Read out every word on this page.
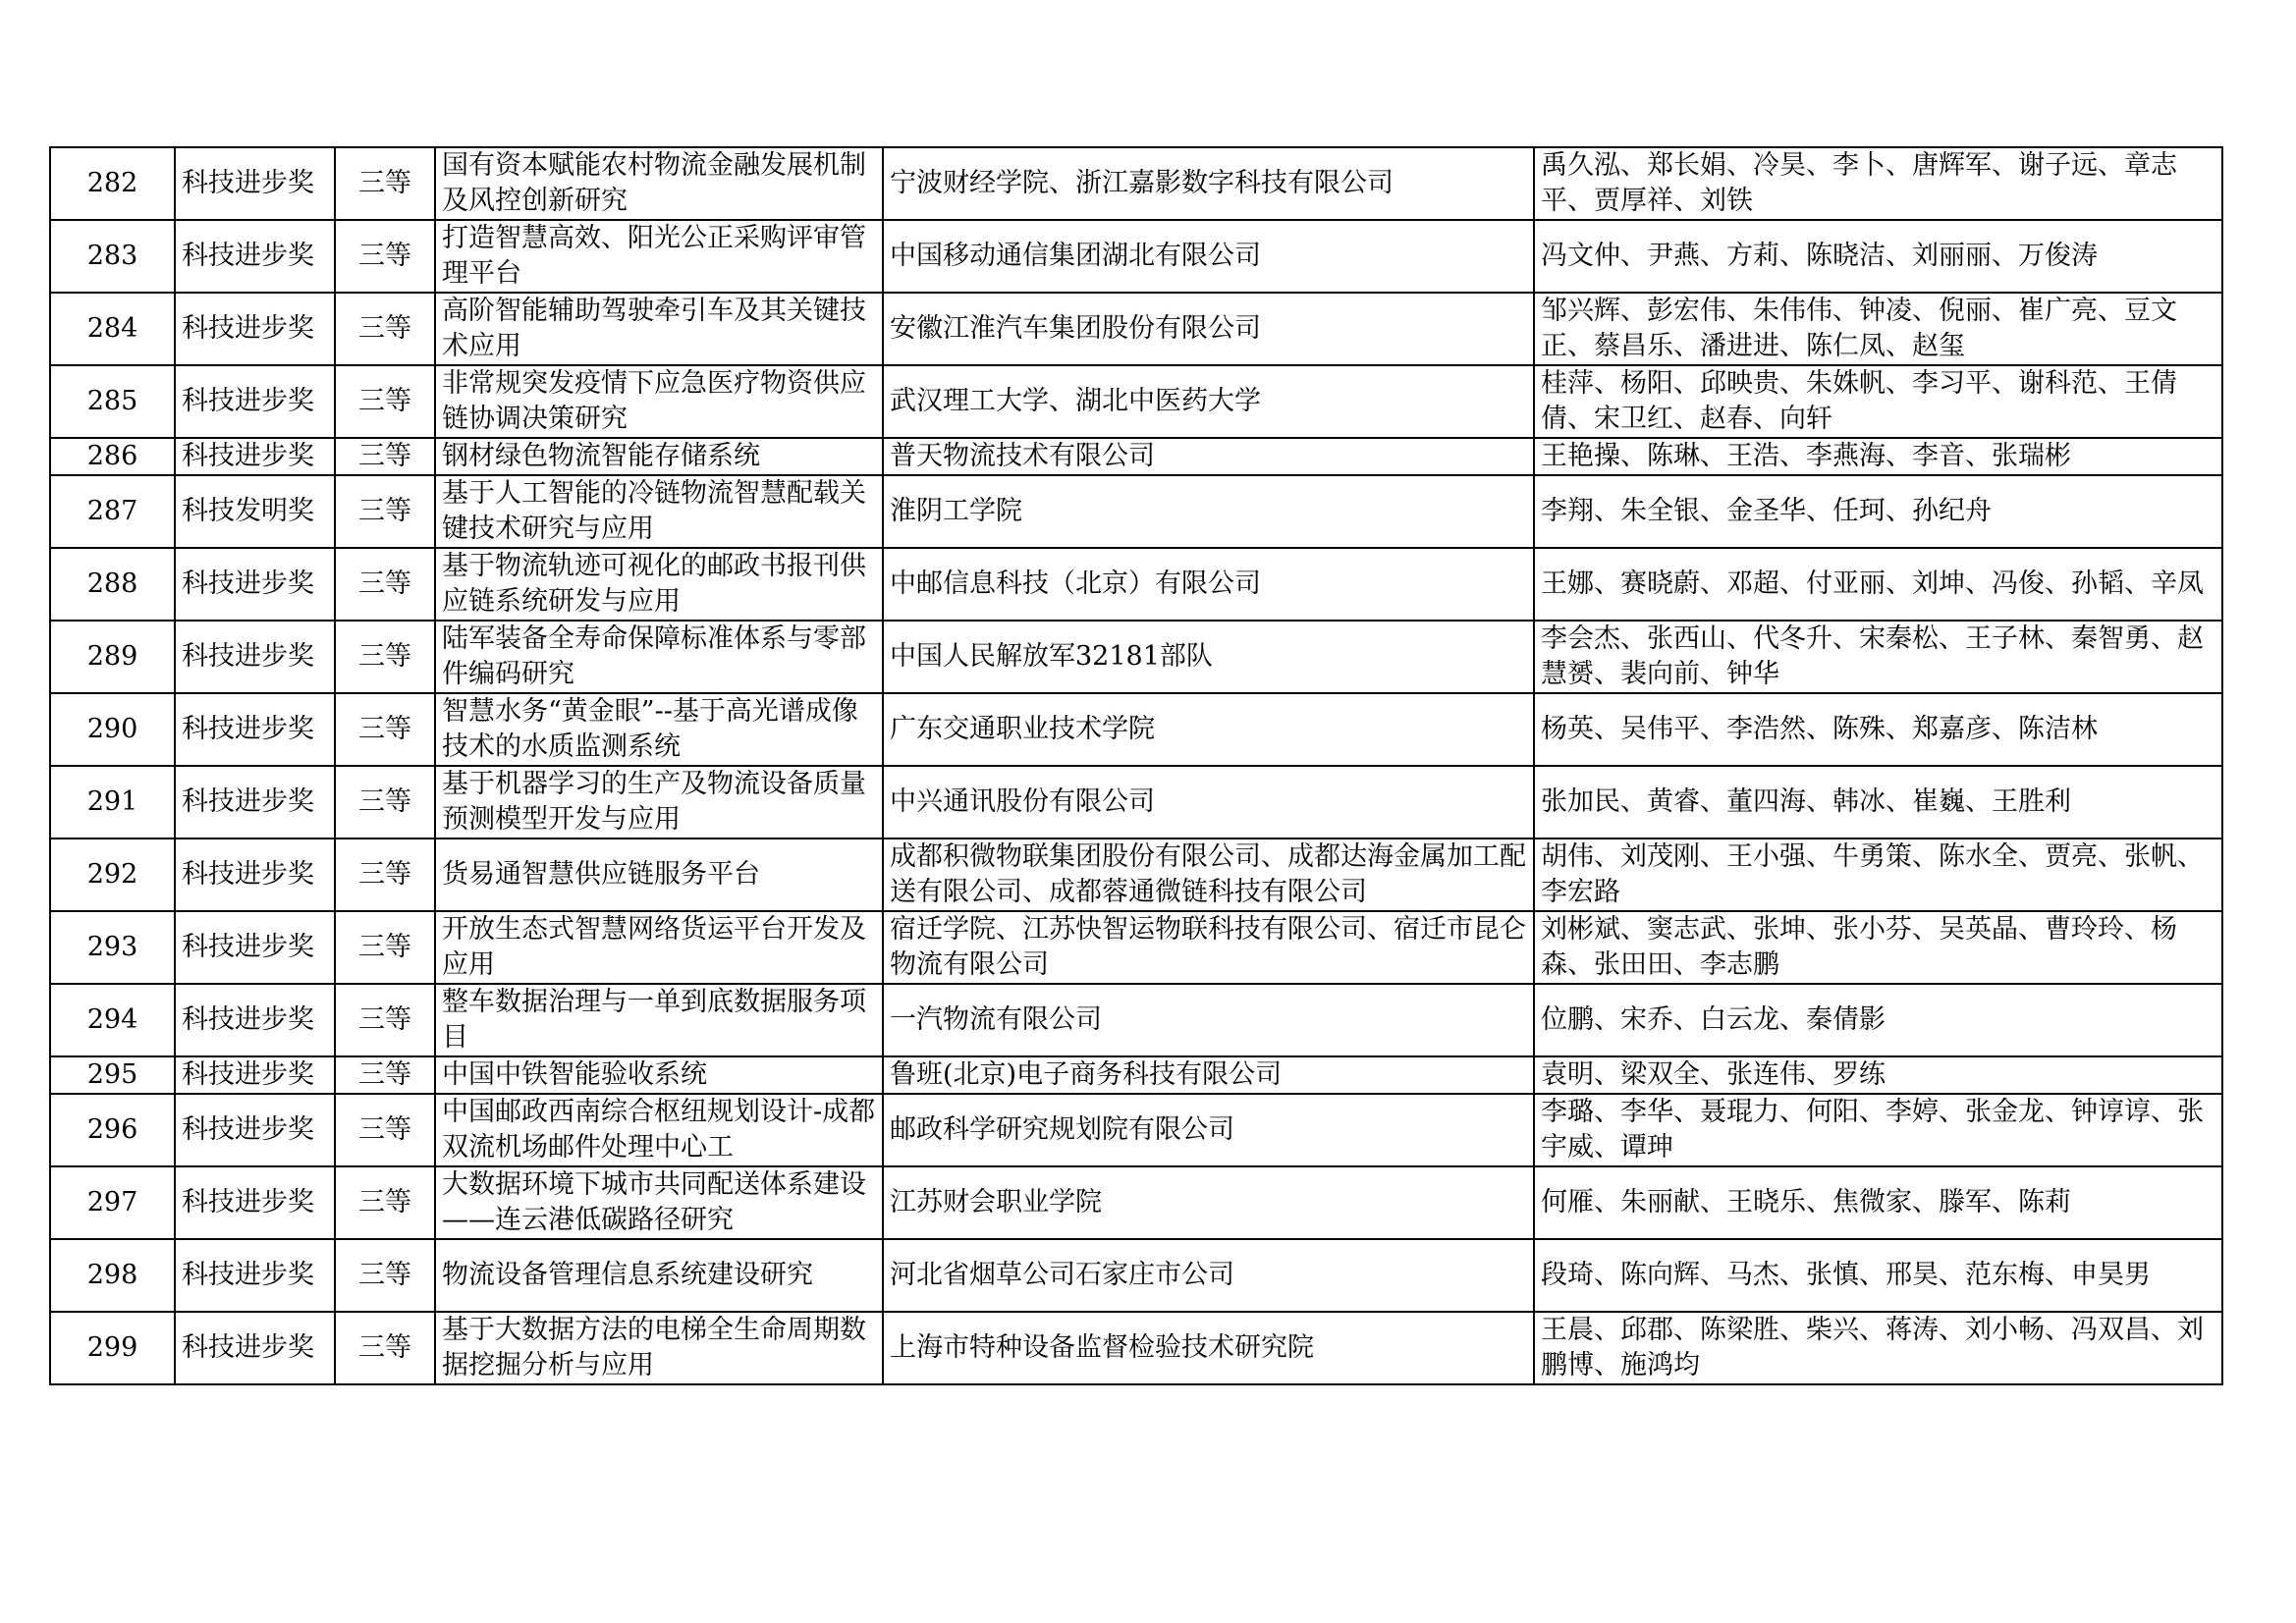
282	科技进步奖	三等	国有资本赋能农村物流金融发展机制及风控创新研究	宁波财经学院、浙江嘉影数字科技有限公司	禹久泓、郑长娟、冷昊、李卜、唐辉军、谢子远、章志平、贾厚祥、刘铁
283	科技进步奖	三等	打造智慧高效、阳光公正采购评审管理平台	中国移动通信集团湖北有限公司	冯文仲、尹燕、方莉、陈晓洁、刘丽丽、万俊涛
284	科技进步奖	三等	高阶智能辅助驾驶牵引车及其关键技术应用	安徽江淮汽车集团股份有限公司	邹兴辉、彭宏伟、朱伟伟、钟凌、倪丽、崔广亮、豆文正、蔡昌乐、潘进进、陈仁凤、赵玺
285	科技进步奖	三等	非常规突发疫情下应急医疗物资供应链协调决策研究	武汉理工大学、湖北中医药大学	桂萍、杨阳、邱映贵、朱姝帆、李习平、谢科范、王倩倩、宋卫红、赵春、向轩
286	科技进步奖	三等	钢材绿色物流智能存储系统	普天物流技术有限公司	王艳操、陈琳、王浩、李燕海、李音、张瑞彬
287	科技发明奖	三等	基于人工智能的冷链物流智慧配载关键技术研究与应用	淮阴工学院	李翔、朱全银、金圣华、任珂、孙纪舟
288	科技进步奖	三等	基于物流轨迹可视化的邮政书报刊供应链系统研发与应用	中邮信息科技（北京）有限公司	王娜、赛晓蔚、邓超、付亚丽、刘坤、冯俊、孙韬、辛凤
289	科技进步奖	三等	陆军装备全寿命保障标准体系与零部件编码研究	中国人民解放军32181部队	李会杰、张西山、代冬升、宋秦松、王子林、秦智勇、赵慧赟、裴向前、钟华
290	科技进步奖	三等	智慧水务“黄金眼”--基于高光谱成像技术的水质监测系统	广东交通职业技术学院	杨英、吴伟平、李浩然、陈殊、郑嘉彦、陈洁林
291	科技进步奖	三等	基于机器学习的生产及物流设备质量预测模型开发与应用	中兴通讯股份有限公司	张加民、黄睿、董四海、韩冰、崔巍、王胜利
292	科技进步奖	三等	货易通智慧供应链服务平台	成都积微物联集团股份有限公司、成都达海金属加工配送有限公司、成都蓉通微链科技有限公司	胡伟、刘茂刚、王小强、牛勇策、陈水全、贾亮、张帆、李宏路
293	科技进步奖	三等	开放生态式智慧网络货运平台开发及应用	宿迁学院、江苏快智运物联科技有限公司、宿迁市昆仑物流有限公司	刘彬斌、窦志武、张坤、张小芬、吴英晶、曹玲玲、杨森、张田田、李志鹏
294	科技进步奖	三等	整车数据治理与一单到底数据服务项目	一汽物流有限公司	位鹏、宋乔、白云龙、秦倩影
295	科技进步奖	三等	中国中铁智能验收系统	鲁班(北京)电子商务科技有限公司	袁明、梁双全、张连伟、罗练
296	科技进步奖	三等	中国邮政西南综合枢纽规划设计-成都双流机场邮件处理中心工	邮政科学研究规划院有限公司	李璐、李华、聂琨力、何阳、李婷、张金龙、钟谆谆、张宇威、谭珅
297	科技进步奖	三等	大数据环境下城市共同配送体系建设——连云港低碳路径研究	江苏财会职业学院	何雁、朱丽献、王晓乐、焦微家、滕军、陈莉
298	科技进步奖	三等	物流设备管理信息系统建设研究	河北省烟草公司石家庄市公司	段琦、陈向辉、马杰、张慎、邢昊、范东梅、申昊男
299	科技进步奖	三等	基于大数据方法的电梯全生命周期数据挖掘分析与应用	上海市特种设备监督检验技术研究院	王晨、邱郡、陈梁胜、柴兴、蒋涛、刘小畅、冯双昌、刘鹏博、施鸿均
